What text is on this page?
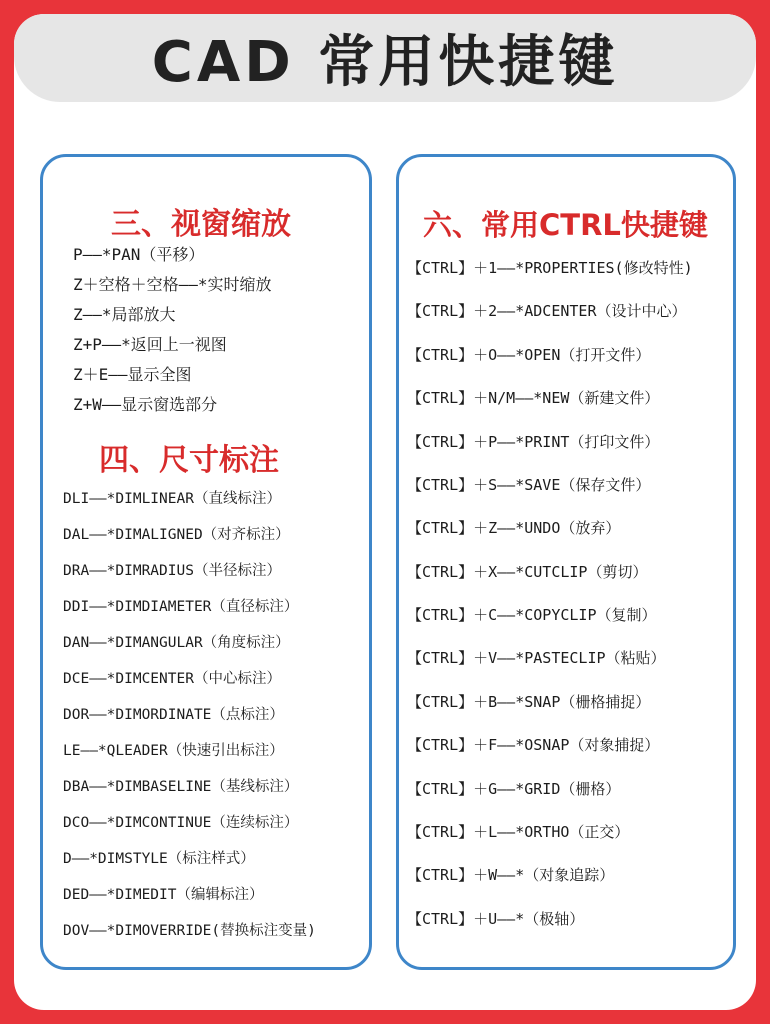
CAD 常用快捷键
三、视窗缩放
P——*PAN（平移）
Z＋空格＋空格——*实时缩放
Z——*局部放大
Z+P——*返回上一视图
Z＋E——显示全图
Z+W——显示窗选部分
四、尺寸标注
DLI——*DIMLINEAR（直线标注）
DAL——*DIMALIGNED（对齐标注）
DRA——*DIMRADIUS（半径标注）
DDI——*DIMDIAMETER（直径标注）
DAN——*DIMANGULAR（角度标注）
DCE——*DIMCENTER（中心标注）
DOR——*DIMORDINATE（点标注）
LE——*QLEADER（快速引出标注）
DBA——*DIMBASELINE（基线标注）
DCO——*DIMCONTINUE（连续标注）
D——*DIMSTYLE（标注样式）
DED——*DIMEDIT（编辑标注）
DOV——*DIMOVERRIDE(替换标注变量)
六、常用CTRL快捷键
【CTRL】＋1——*PROPERTIES(修改特性)
【CTRL】＋2——*ADCENTER（设计中心）
【CTRL】＋O——*OPEN（打开文件）
【CTRL】＋N/M——*NEW（新建文件）
【CTRL】＋P——*PRINT（打印文件）
【CTRL】＋S——*SAVE（保存文件）
【CTRL】＋Z——*UNDO（放弃）
【CTRL】＋X——*CUTCLIP（剪切）
【CTRL】＋C——*COPYCLIP（复制）
【CTRL】＋V——*PASTECLIP（粘贴）
【CTRL】＋B——*SNAP（栅格捕捉）
【CTRL】＋F——*OSNAP（对象捕捉）
【CTRL】＋G——*GRID（栅格）
【CTRL】＋L——*ORTHO（正交）
【CTRL】＋W——*（对象追踪）
【CTRL】＋U——*（极轴）
